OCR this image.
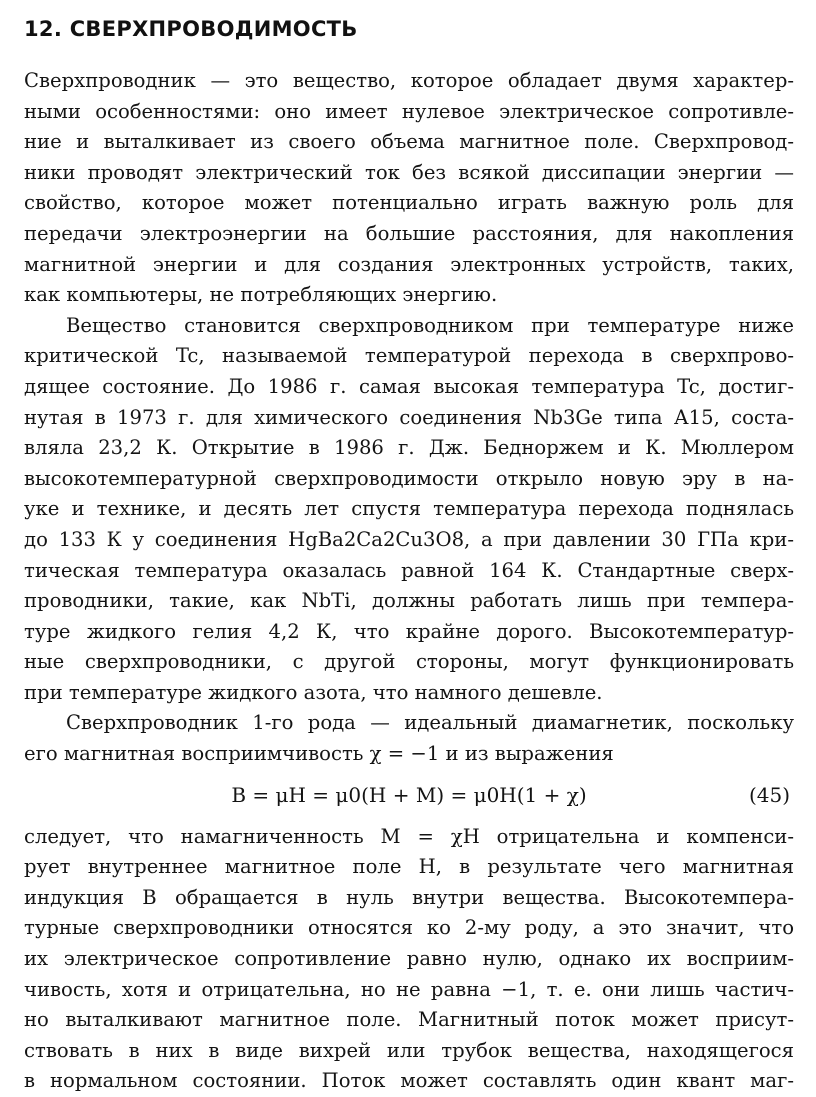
12. СВЕРХПРОВОДИМОСТЬ
Сверхпроводник — это вещество, которое обладает двумя характер-
ными особенностями: оно имеет нулевое электрическое сопротивле-
ние и выталкивает из своего объема магнитное поле. Сверхпровод-
ники проводят электрический ток без всякой диссипации энергии —
свойство, которое может потенциально играть важную роль для
передачи электроэнергии на большие расстояния, для накопления
магнитной энергии и для создания электронных устройств, таких,
как компьютеры, не потребляющих энергию.
Вещество становится сверхпроводником при температуре ниже
критической Tc, называемой температурой перехода в сверхпрово-
дящее состояние. До 1986 г. самая высокая температура Tc, достиг-
нутая в 1973 г. для химического соединения Nb3Ge типа А15, соста-
вляла 23,2 К. Открытие в 1986 г. Дж. Бедноржем и К. Мюллером
высокотемпературной сверхпроводимости открыло новую эру в на-
уке и технике, и десять лет спустя температура перехода поднялась
до 133 К у соединения HgBa2Ca2Cu3O8, а при давлении 30 ГПа кри-
тическая температура оказалась равной 164 К. Стандартные сверх-
проводники, такие, как NbTi, должны работать лишь при темпера-
туре жидкого гелия 4,2 К, что крайне дорого. Высокотемператур-
ные сверхпроводники, с другой стороны, могут функционировать
при температуре жидкого азота, что намного дешевле.
Сверхпроводник 1-го рода — идеальный диамагнетик, поскольку
его магнитная восприимчивость χ = −1 и из выражения
B = μH = μ0(H + M) = μ0H(1 + χ)	(45)
следует, что намагниченность M = χH отрицательна и компенси-
рует внутреннее магнитное поле H, в результате чего магнитная
индукция B обращается в нуль внутри вещества. Высокотемпера-
турные сверхпроводники относятся ко 2-му роду, а это значит, что
их электрическое сопротивление равно нулю, однако их восприим-
чивость, хотя и отрицательна, но не равна −1, т. е. они лишь частич-
но выталкивают магнитное поле. Магнитный поток может присут-
ствовать в них в виде вихрей или трубок вещества, находящегося
в нормальном состоянии. Поток может составлять один квант маг-
